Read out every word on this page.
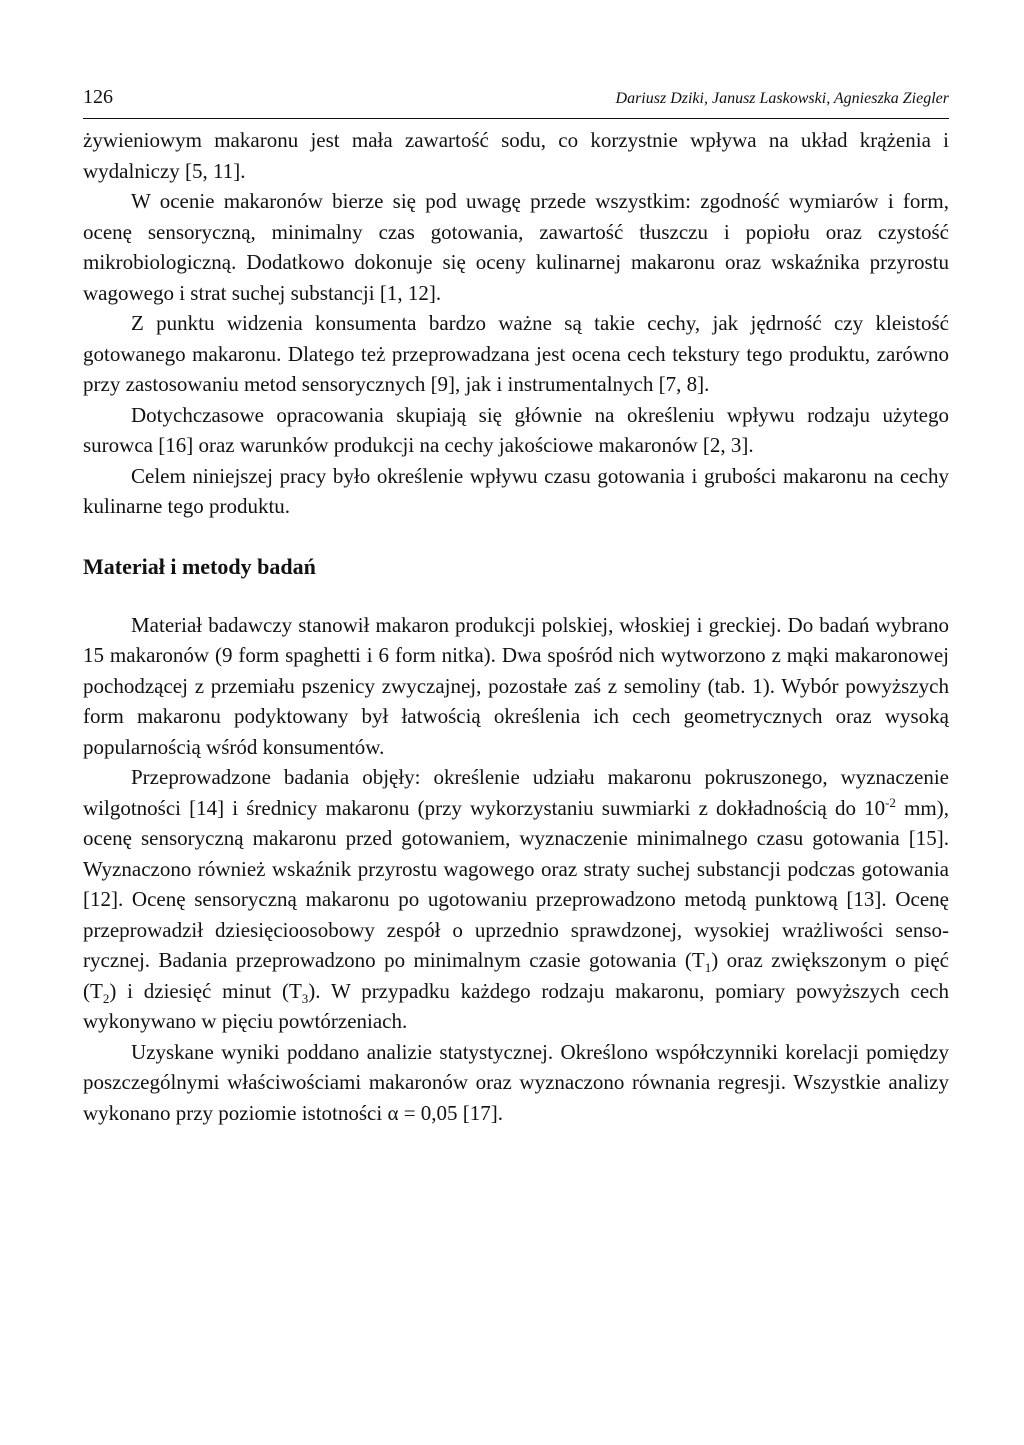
126	Dariusz Dziki, Janusz Laskowski, Agnieszka Ziegler

żywieniowym makaronu jest mała zawartość sodu, co korzystnie wpływa na układ krążenia i wydalniczy [5, 11].

W ocenie makaronów bierze się pod uwagę przede wszystkim: zgodność wymiarów i form, ocenę sensoryczną, minimalny czas gotowania, zawartość tłuszczu i popiołu oraz czystość mikrobiologiczną. Dodatkowo dokonuje się oceny kulinarnej makaronu oraz wskaźnika przyrostu wagowego i strat suchej substancji [1, 12].

Z punktu widzenia konsumenta bardzo ważne są takie cechy, jak jędrność czy kleistość gotowanego makaronu. Dlatego też przeprowadzana jest ocena cech tekstury tego produktu, zarówno przy zastosowaniu metod sensorycznych [9], jak i instrumentalnych [7, 8].

Dotychczasowe opracowania skupiają się głównie na określeniu wpływu rodzaju użytego surowca [16] oraz warunków produkcji na cechy jakościowe makaronów [2, 3].

Celem niniejszej pracy było określenie wpływu czasu gotowania i grubości makaronu na cechy kulinarne tego produktu.

Materiał i metody badań

Materiał badawczy stanowił makaron produkcji polskiej, włoskiej i greckiej. Do badań wybrano 15 makaronów (9 form spaghetti i 6 form nitka). Dwa spośród nich wytworzono z mąki makaronowej pochodzącej z przemiału pszenicy zwyczajnej, pozostałe zaś z semoliny (tab. 1). Wybór powyższych form makaronu podyktowany był łatwością określenia ich cech geometrycznych oraz wysoką popularnością wśród konsumentów.

Przeprowadzone badania objęły: określenie udziału makaronu pokruszonego, wyznaczenie wilgotności [14] i średnicy makaronu (przy wykorzystaniu suwmiarki z dokładnością do $10^{-2}$ mm), ocenę sensoryczną makaronu przed gotowaniem, wyznaczenie minimalnego czasu gotowania [15]. Wyznaczono również wskaźnik przyrostu wagowego oraz straty suchej substancji podczas gotowania [12]. Ocenę sensoryczną makaronu po ugotowaniu przeprowadzono metodą punktową [13]. Ocenę przeprowadził dziesięcioosobowy zespół o uprzednio sprawdzonej, wysokiej wrażliwości sensorycznej. Badania przeprowadzono po minimalnym czasie gotowania $(T_1)$ oraz zwiększonym o pięć $(T_2)$ i dziesięć minut $(T_3)$. W przypadku każdego rodzaju makaronu, pomiary powyższych cech wykonywano w pięciu powtórzeniach.

Uzyskane wyniki poddano analizie statystycznej. Określono współczynniki korelacji pomiędzy poszczególnymi właściwościami makaronów oraz wyznaczono równania regresji. Wszystkie analizy wykonano przy poziomie istotności α = 0,05 [17].
